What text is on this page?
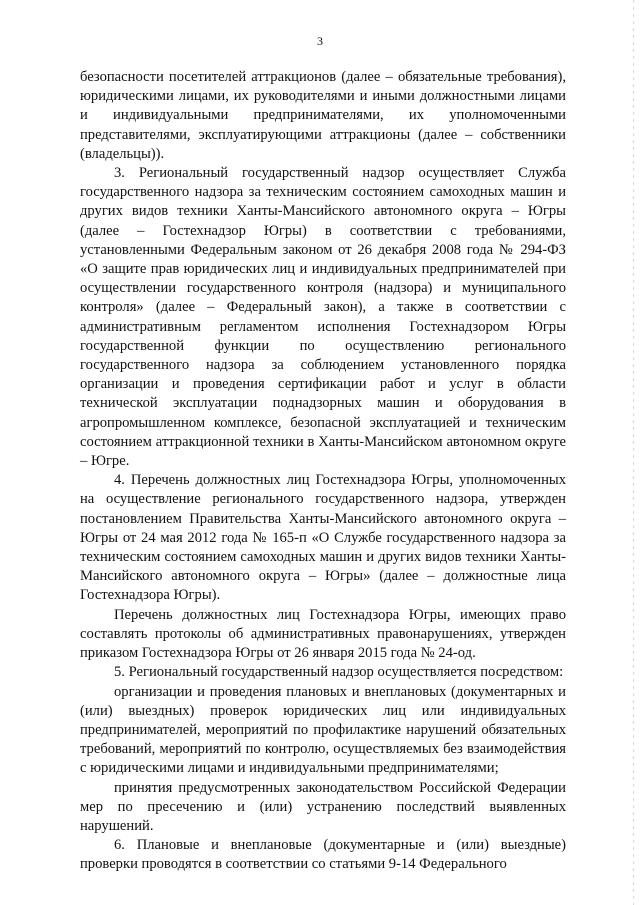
3

безопасности посетителей аттракционов (далее – обязательные требования), юридическими лицами, их руководителями и иными должностными лицами и индивидуальными предпринимателями, их уполномоченными представителями, эксплуатирующими аттракционы (далее – собственники (владельцы)).

3. Региональный государственный надзор осуществляет Служба государственного надзора за техническим состоянием самоходных машин и других видов техники Ханты-Мансийского автономного округа – Югры (далее – Гостехнадзор Югры) в соответствии с требованиями, установленными Федеральным законом от 26 декабря 2008 года № 294-ФЗ «О защите прав юридических лиц и индивидуальных предпринимателей при осуществлении государственного контроля (надзора) и муниципального контроля» (далее – Федеральный закон), а также в соответствии с административным регламентом исполнения Гостехнадзором Югры государственной функции по осуществлению регионального государственного надзора за соблюдением установленного порядка организации и проведения сертификации работ и услуг в области технической эксплуатации поднадзорных машин и оборудования в агропромышленном комплексе, безопасной эксплуатацией и техническим состоянием аттракционной техники в Ханты-Мансийском автономном округе – Югре.

4. Перечень должностных лиц Гостехнадзора Югры, уполномоченных на осуществление регионального государственного надзора, утвержден постановлением Правительства Ханты-Мансийского автономного округа – Югры от 24 мая 2012 года № 165-п «О Службе государственного надзора за техническим состоянием самоходных машин и других видов техники Ханты-Мансийского автономного округа – Югры» (далее – должностные лица Гостехнадзора Югры).

Перечень должностных лиц Гостехнадзора Югры, имеющих право составлять протоколы об административных правонарушениях, утвержден приказом Гостехнадзора Югры от 26 января 2015 года № 24-од.

5. Региональный государственный надзор осуществляется посредством:

организации и проведения плановых и внеплановых (документарных и (или) выездных) проверок юридических лиц или индивидуальных предпринимателей, мероприятий по профилактике нарушений обязательных требований, мероприятий по контролю, осуществляемых без взаимодействия с юридическими лицами и индивидуальными предпринимателями;

принятия предусмотренных законодательством Российской Федерации мер по пресечению и (или) устранению последствий выявленных нарушений.

6. Плановые и внеплановые (документарные и (или) выездные) проверки проводятся в соответствии со статьями 9-14 Федерального
